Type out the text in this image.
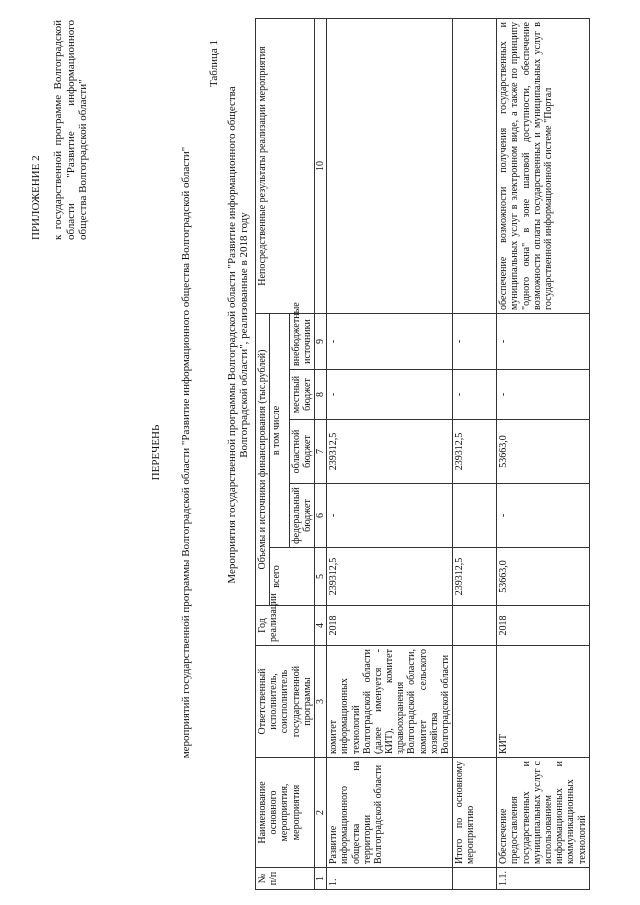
ПРИЛОЖЕНИЕ 2 к государственной программе Волгоградской области "Развитие информационного общества Волгоградской области"
ПЕРЕЧЕНЬ мероприятий государственной программы Волгоградской области "Развитие информационного общества Волгоградской области"
Таблица 1
Мероприятия государственной программы Волгоградской области "Развитие информационного общества Волгоградской области", реализованные в 2018 году
№ п/п	Наименование основного мероприятия, мероприятия	Ответственный исполнитель, соисполнитель государственной программы	Год реализации	Объемы и источники финансирования (тыс.рублей)					Непосредственные результаты реализации мероприятия
				всего	в том числе				
					федеральный бюджет	областной бюджет	местный бюджет	внебюджетные источники	
1	2	3	4	5	6	7	8	9	10
1.	Развитие информационного общества на территории Волгоградской области	комитет информационных технологий Волгоградской области (далее именуется - КИТ), комитет здравоохранения Волгоградской области, комитет сельского хозяйства Волгоградской области	2018	239312,5	-	239312,5	-	-	
	Итого по основному мероприятию			239312,5		239312,5	-	-	
1.1.	Обеспечение предоставления государственных и муниципальных услуг с использованием информационных и коммуникационных технологий	КИТ	2018	53663,0	-	53663,0	-	-	обеспечение возможности получения государственных и муниципальных услуг в электронном виде, а также по принципу "одного окна" в зоне шаговой доступности, обеспечение возможности оплаты государственных и муниципальных услуг в государственной информационной системе "Портал
